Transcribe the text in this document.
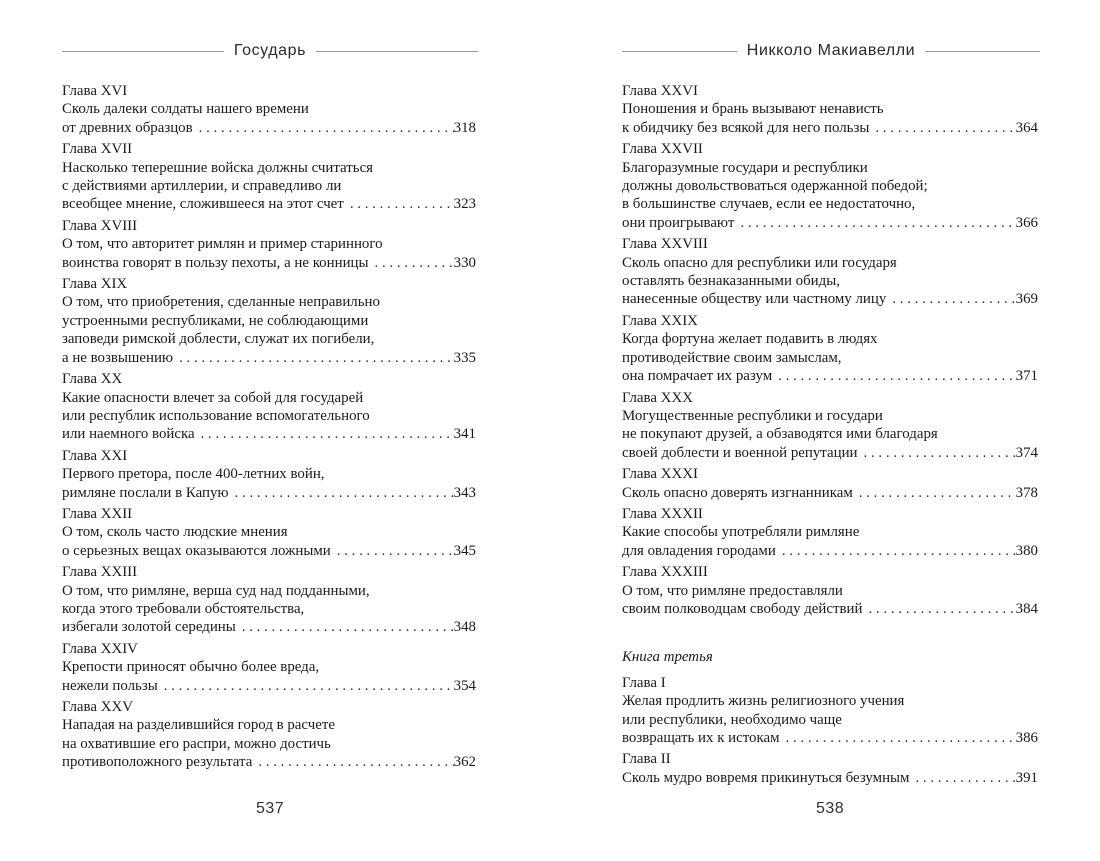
Государь
Глава XVI
Сколь далеки солдаты нашего времени
от древних образцов . . .	318
Глава XVII
Насколько теперешние войска должны считаться
с действиями артиллерии, и справедливо ли
всеобщее мнение, сложившееся на этот счет . . .	323
Глава XVIII
О том, что авторитет римлян и пример старинного
воинства говорят в пользу пехоты, а не конницы . . .	330
Глава XIX
О том, что приобретения, сделанные неправильно
устроенными республиками, не соблюдающими
заповеди римской доблести, служат их погибели,
а не возвышению . . .	335
Глава XX
Какие опасности влечет за собой для государей
или республик использование вспомогательного
или наемного войска . . .	341
Глава XXI
Первого претора, после 400-летних войн,
римляне послали в Капую . . .	343
Глава XXII
О том, сколь часто людские мнения
о серьезных вещах оказываются ложными . . .	345
Глава XXIII
О том, что римляне, верша суд над подданными,
когда этого требовали обстоятельства,
избегали золотой середины . . .	348
Глава XXIV
Крепости приносят обычно более вреда,
нежели пользы . . .	354
Глава XXV
Нападая на разделившийся город в расчете
на охватившие его распри, можно достичь
противоположного результата . . .	362
537
Никколо Макиавелли
Глава XXVI
Поношения и брань вызывают ненависть
к обидчику без всякой для него пользы . . .	364
Глава XXVII
Благоразумные государи и республики
должны довольствоваться одержанной победой;
в большинстве случаев, если ее недостаточно,
они проигрывают . . .	366
Глава XXVIII
Сколь опасно для республики или государя
оставлять безнаказанными обиды,
нанесенные обществу или частному лицу . . .	369
Глава XXIX
Когда фортуна желает подавить в людях
противодействие своим замыслам,
она помрачает их разум . . .	371
Глава XXX
Могущественные республики и государи
не покупают друзей, а обзаводятся ими благодаря
своей доблести и военной репутации . . .	374
Глава XXXI
Сколь опасно доверять изгнанникам . . .	378
Глава XXXII
Какие способы употребляли римляне
для овладения городами . . .	380
Глава XXXIII
О том, что римляне предоставляли
своим полководцам свободу действий . . .	384
Книга третья
Глава I
Желая продлить жизнь религиозного учения
или республики, необходимо чаще
возвращать их к истокам . . .	386
Глава II
Сколь мудро вовремя прикинуться безумным . . .	391
538
